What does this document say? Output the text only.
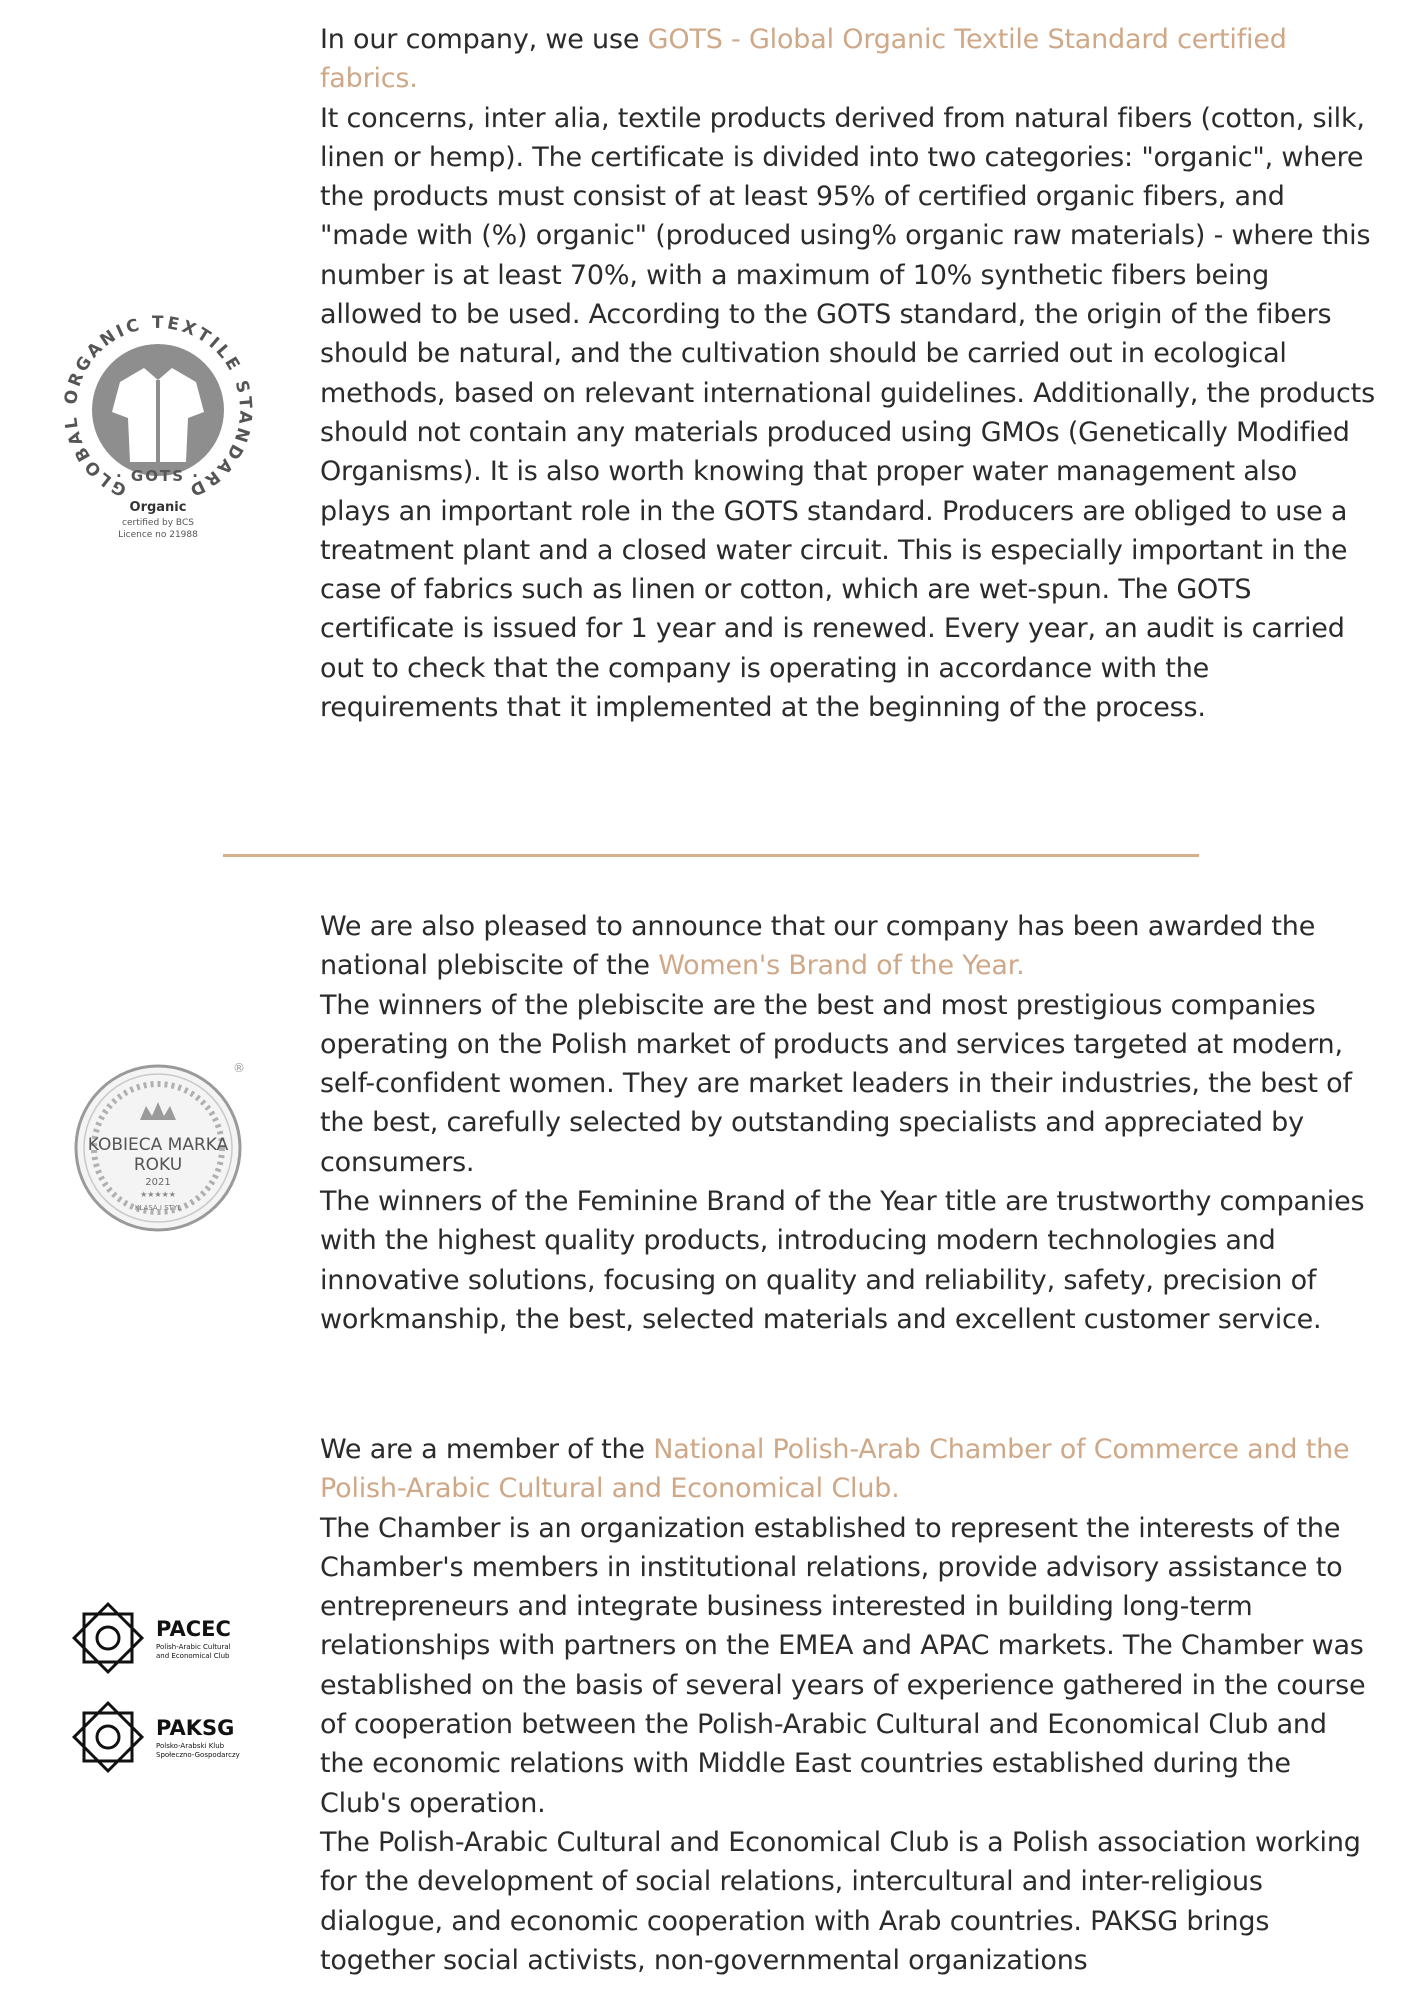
In our company, we use GOTS - Global Organic Textile Standard certified fabrics.

It concerns, inter alia, textile products derived from natural fibers (cotton, silk, linen or hemp). The certificate is divided into two categories: "organic", where the products must consist of at least 95% of certified organic fibers, and "made with (%) organic" (produced using% organic raw materials) - where this number is at least 70%, with a maximum of 10% synthetic fibers being allowed to be used. According to the GOTS standard, the origin of the fibers should be natural, and the cultivation should be carried out in ecological methods, based on relevant international guidelines. Additionally, the products should not contain any materials produced using GMOs (Genetically Modified Organisms). It is also worth knowing that proper water management also plays an important role in the GOTS standard. Producers are obliged to use a treatment plant and a closed water circuit. This is especially important in the case of fabrics such as linen or cotton, which are wet-spun. The GOTS certificate is issued for 1 year and is renewed. Every year, an audit is carried out to check that the company is operating in accordance with the requirements that it implemented at the beginning of the process.

GLOBAL ORGANIC TEXTILE STANDARD
· GOTS ·
Organic
certified by BCS
Licence no 21988

We are also pleased to announce that our company has been awarded the national plebiscite of the Women's Brand of the Year.

The winners of the plebiscite are the best and most prestigious companies operating on the Polish market of products and services targeted at modern, self-confident women. They are market leaders in their industries, the best of the best, carefully selected by outstanding specialists and appreciated by consumers.

The winners of the Feminine Brand of the Year title are trustworthy companies with the highest quality products, introducing modern technologies and innovative solutions, focusing on quality and reliability, safety, precision of workmanship, the best, selected materials and excellent customer service.

KOBIECA MARKA
ROKU
2021
★★★★★
KLASA I STYL
®

We are a member of the National Polish-Arab Chamber of Commerce and the Polish-Arabic Cultural and Economical Club.

The Chamber is an organization established to represent the interests of the Chamber's members in institutional relations, provide advisory assistance to entrepreneurs and integrate business interested in building long-term relationships with partners on the EMEA and APAC markets. The Chamber was established on the basis of several years of experience gathered in the course of cooperation between the Polish-Arabic Cultural and Economical Club and the economic relations with Middle East countries established during the Club's operation.

The Polish-Arabic Cultural and Economical Club is a Polish association working for the development of social relations, intercultural and inter-religious dialogue, and economic cooperation with Arab countries. PAKSG brings together social activists, non-governmental organizations

PACEC
Polish-Arabic Cultural
and Economical Club
PAKSG
Polsko-Arabski Klub
Społeczno-Gospodarczy
